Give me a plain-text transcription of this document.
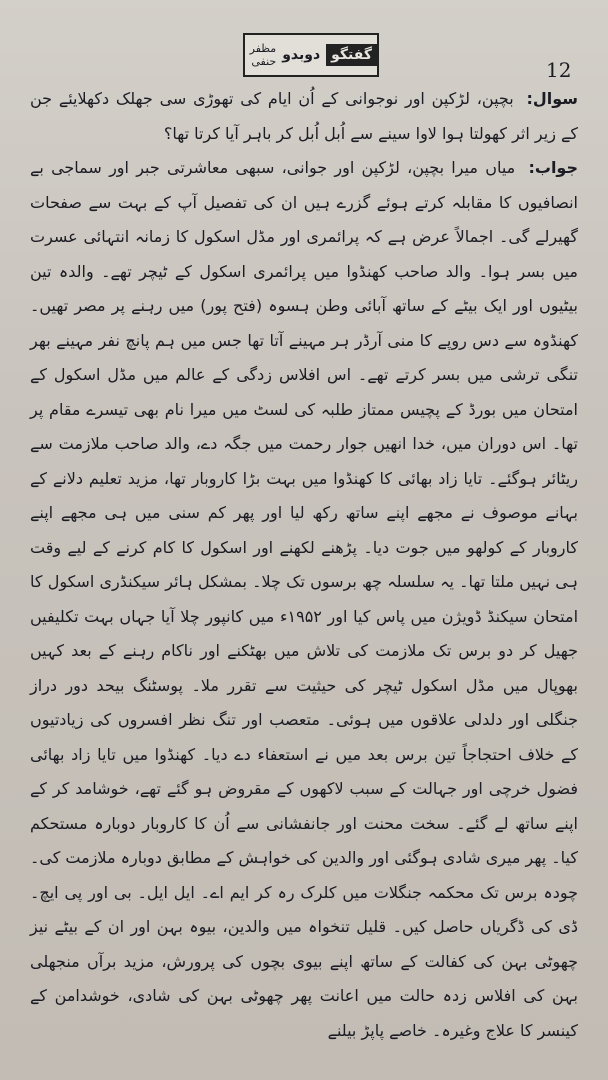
گفتگو
دوبدو
مظفر حنفی	12

سوال: بچپن، لڑکپن اور نوجوانی کے اُن ایام کی تھوڑی سی جھلک دکھلایئے جن کے زیر اثر کھولتا ہوا لاوا سینے سے اُبل اُبل کر باہر آیا کرتا تھا؟

جواب: میاں میرا بچپن، لڑکپن اور جوانی، سبھی معاشرتی جبر اور سماجی بے انصافیوں کا مقابلہ کرتے ہوئے گزرے ہیں ان کی تفصیل آپ کے بہت سے صفحات گھیرلے گی۔ اجمالاً عرض ہے کہ پرائمری اور مڈل اسکول کا زمانہ انتہائی عسرت میں بسر ہوا۔ والد صاحب کھنڈوا میں پرائمری اسکول کے ٹیچر تھے۔ والدہ تین بیٹیوں اور ایک بیٹے کے ساتھ آبائی وطن ہسوہ (فتح پور) میں رہنے پر مصر تھیں۔ کھنڈوہ سے دس روپے کا منی آرڈر ہر مہینے آتا تھا جس میں ہم پانچ نفر مہینے بھر تنگی ترشی میں بسر کرتے تھے۔ اس افلاس زدگی کے عالم میں مڈل اسکول کے امتحان میں بورڈ کے پچیس ممتاز طلبہ کی لسٹ میں میرا نام بھی تیسرے مقام پر تھا۔ اس دوران میں، خدا انھیں جوار رحمت میں جگہ دے، والد صاحب ملازمت سے ریٹائر ہوگئے۔ تایا زاد بھائی کا کھنڈوا میں بہت بڑا کاروبار تھا، مزید تعلیم دلانے کے بہانے موصوف نے مجھے اپنے ساتھ رکھ لیا اور پھر کم سنی میں ہی مجھے اپنے کاروبار کے کولھو میں جوت دیا۔ پڑھنے لکھنے اور اسکول کا کام کرنے کے لیے وقت ہی نہیں ملتا تھا۔ یہ سلسلہ چھ برسوں تک چلا۔ بمشکل ہائر سیکنڈری اسکول کا امتحان سیکنڈ ڈویژن میں پاس کیا اور ۱۹۵۲ء میں کانپور چلا آیا جہاں بہت تکلیفیں جھیل کر دو برس تک ملازمت کی تلاش میں بھٹکنے اور ناکام رہنے کے بعد کہیں بھوپال میں مڈل اسکول ٹیچر کی حیثیت سے تقرر ملا۔ پوسٹنگ بیحد دور دراز جنگلی اور دلدلی علاقوں میں ہوئی۔ متعصب اور تنگ نظر افسروں کی زیادتیوں کے خلاف احتجاجاً تین برس بعد میں نے استعفاء دے دیا۔ کھنڈوا میں تایا زاد بھائی فضول خرچی اور جہالت کے سبب لاکھوں کے مقروض ہو گئے تھے، خوشامد کر کے اپنے ساتھ لے گئے۔ سخت محنت اور جانفشانی سے اُن کا کاروبار دوبارہ مستحکم کیا۔ پھر میری شادی ہوگئی اور والدین کی خواہش کے مطابق دوبارہ ملازمت کی۔ چودہ برس تک محکمہ جنگلات میں کلرک رہ کر ایم اے۔ ایل ایل۔ بی اور پی ایچ۔ ڈی کی ڈگریاں حاصل کیں۔ قلیل تنخواہ میں والدین، بیوہ بہن اور ان کے بیٹے نیز چھوٹی بہن کی کفالت کے ساتھ اپنے بیوی بچوں کی پرورش، مزید برآں منجھلی بہن کی افلاس زدہ حالت میں اعانت پھر چھوٹی بہن کی شادی، خوشدامن کے کینسر کا علاج وغیرہ۔ خاصے پاپڑ بیلنے
